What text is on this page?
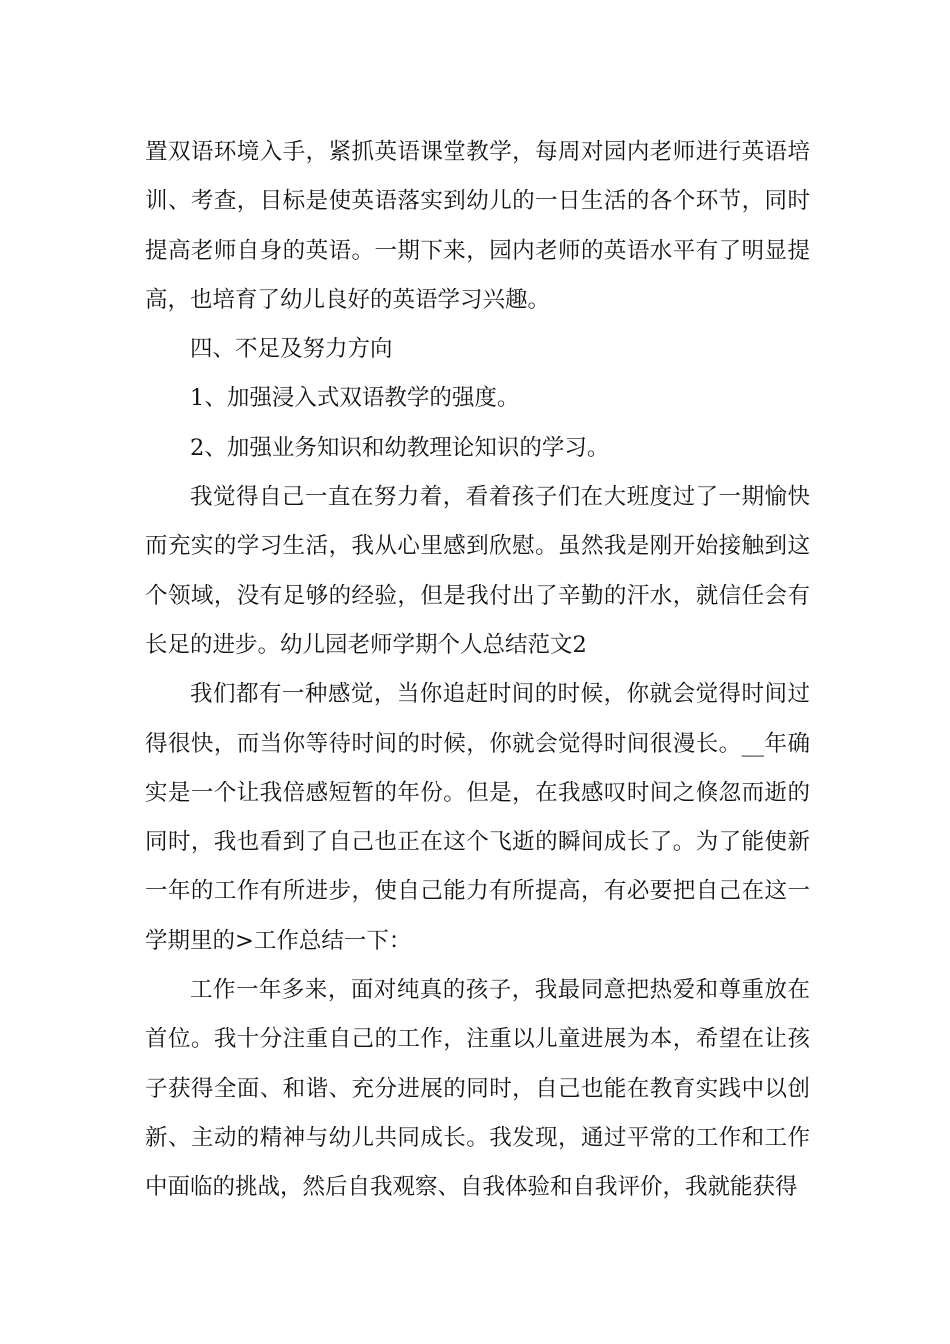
置双语环境入手，紧抓英语课堂教学，每周对园内老师进行英语培训、考查，目标是使英语落实到幼儿的一日生活的各个环节，同时提高老师自身的英语。一期下来，园内老师的英语水平有了明显提高，也培育了幼儿良好的英语学习兴趣。

四、不足及努力方向

1、加强浸入式双语教学的强度。

2、加强业务知识和幼教理论知识的学习。

我觉得自己一直在努力着，看着孩子们在大班度过了一期愉快而充实的学习生活，我从心里感到欣慰。虽然我是刚开始接触到这个领域，没有足够的经验，但是我付出了辛勤的汗水，就信任会有长足的进步。幼儿园老师学期个人总结范文2

我们都有一种感觉，当你追赶时间的时候，你就会觉得时间过得很快，而当你等待时间的时候，你就会觉得时间很漫长。__年确实是一个让我倍感短暂的年份。但是，在我感叹时间之倏忽而逝的同时，我也看到了自己也正在这个飞逝的瞬间成长了。为了能使新一年的工作有所进步，使自己能力有所提高，有必要把自己在这一学期里的>工作总结一下：

工作一年多来，面对纯真的孩子，我最同意把热爱和尊重放在首位。我十分注重自己的工作，注重以儿童进展为本，希望在让孩子获得全面、和谐、充分进展的同时，自己也能在教育实践中以创新、主动的精神与幼儿共同成长。我发现，通过平常的工作和工作中面临的挑战，然后自我观察、自我体验和自我评价，我就能获得
